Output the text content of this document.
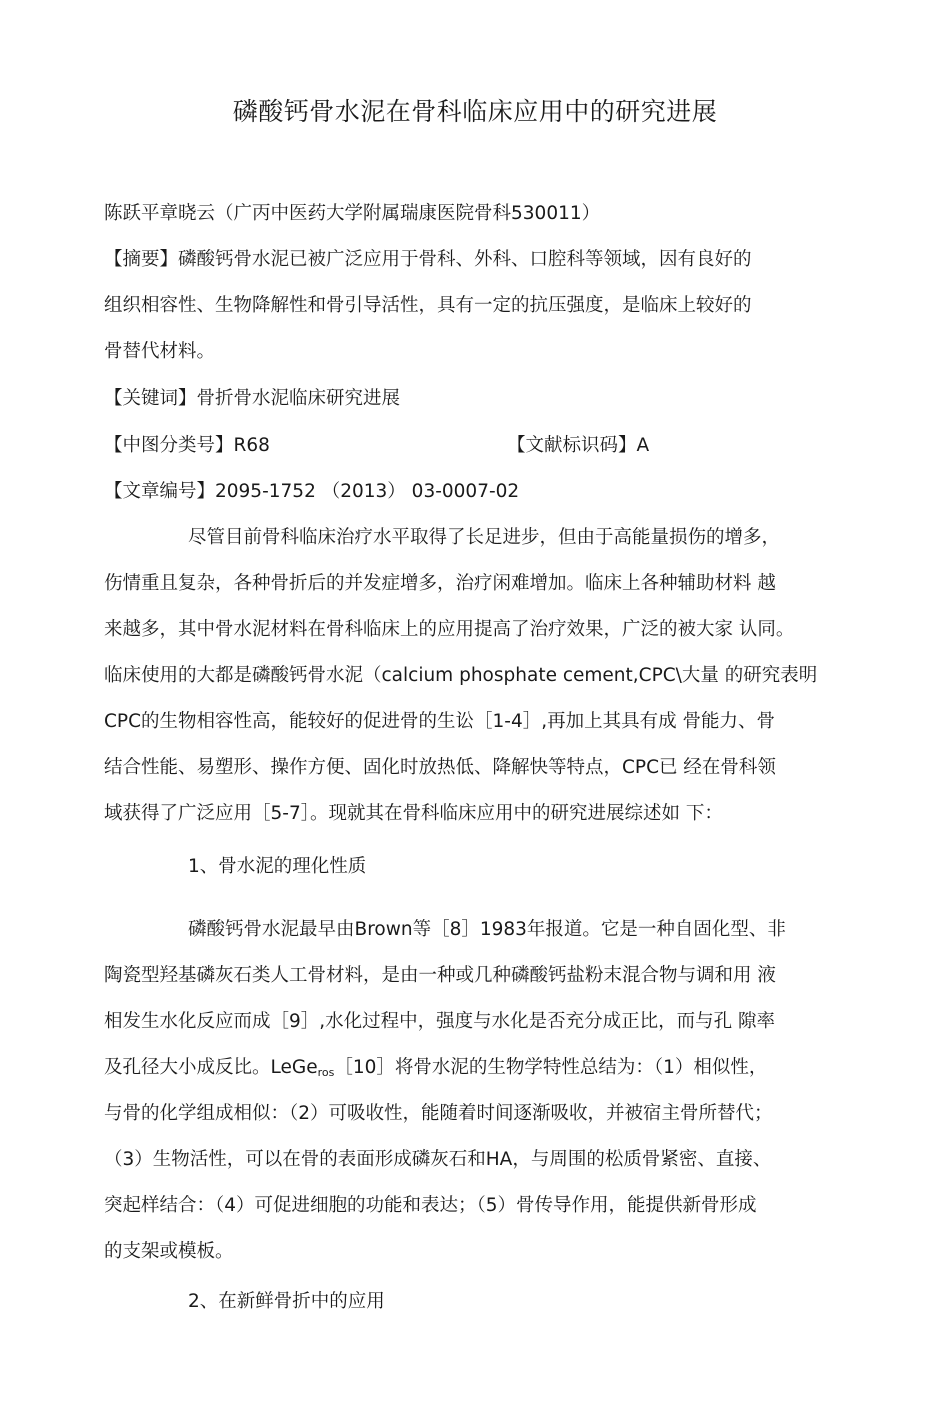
磷酸钙骨水泥在骨科临床应用中的研究进展

陈跃平章晓云（广丙中医药大学附属瑞康医院骨科530011）

【摘要】磷酸钙骨水泥已被广泛应用于骨科、外科、口腔科等领域，因有良好的

组织相容性、生物降解性和骨引导活性，具有一定的抗压强度，是临床上较好的

骨替代材料。

【关键词】骨折骨水泥临床研究进展

【中图分类号】R68	【文献标识码】A

【文章编号】2095-1752 （2013） 03-0007-02

尽管目前骨科临床治疗水平取得了长足进步，但由于高能量损伤的增多，

伤情重且复杂，各种骨折后的并发症增多，治疗闲难增加。临床上各种辅助材料 越

来越多，其中骨水泥材料在骨科临床上的应用提高了治疗效果，广泛的被大家 认同。

临床使用的大都是磷酸钙骨水泥（calcium phosphate cement,CPC\大量 的研究表明

CPC的生物相容性高，能较好的促进骨的生讼［1-4］,再加上其具有成 骨能力、骨

结合性能、易塑形、操作方便、固化时放热低、降解快等特点，CPC已 经在骨科领

域获得了广泛应用［5-7］。现就其在骨科临床应用中的研究进展综述如 下：

1、骨水泥的理化性质

磷酸钙骨水泥最早由Brown等［8］1983年报道。它是一种自固化型、非

陶瓷型羟基磷灰石类人工骨材料，是由一种或几种磷酸钙盐粉末混合物与调和用 液

相发生水化反应而成［9］,水化过程中，强度与水化是否充分成正比，而与孔 隙率

及孔径大小成反比。LeGe$_{ros}$［10］将骨水泥的生物学特性总结为：（1）相似性，

与骨的化学组成相似：（2）可吸收性，能随着时间逐渐吸收，并被宿主骨所替代；

（3）生物活性，可以在骨的表面形成磷灰石和HA，与周围的松质骨紧密、直接、

突起样结合：（4）可促进细胞的功能和表达；（5）骨传导作用，能提供新骨形成

的支架或模板。

2、在新鲜骨折中的应用
